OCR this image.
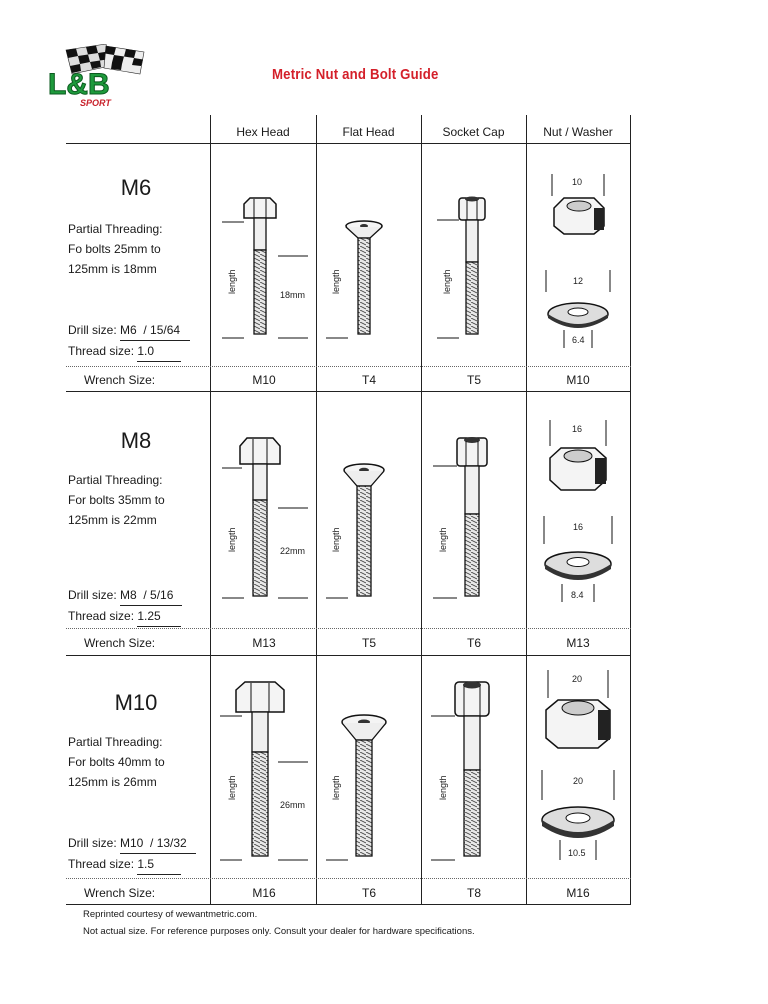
L&B
SPORT
Metric Nut and Bolt Guide
Hex Head	Flat Head	Socket Cap	Nut / Washer
M6
Partial Threading:
Fo bolts 25mm to
125mm is 18mm
Drill size: M6  / 15/64
Thread size: 1.0
Wrench Size:	M10	T4	T5	M10
length
18mm
length	length
10
12
6.4
M8
Partial Threading:
For bolts 35mm to
125mm is 22mm
Drill size: M8  / 5/16
Thread size: 1.25
Wrench Size:	M13	T5	T6	M13
length	22mm	length	length
16
16
8.4
M10
Partial Threading:
For bolts 40mm to
125mm is 26mm
Drill size: M10  / 13/32
Thread size: 1.5
Wrench Size:	M16	T6	T8	M16
length
26mm
length	length
20
20
10.5
Reprinted courtesy of wewantmetric.com.
Not actual size. For reference purposes only. Consult your dealer for hardware specifications.
